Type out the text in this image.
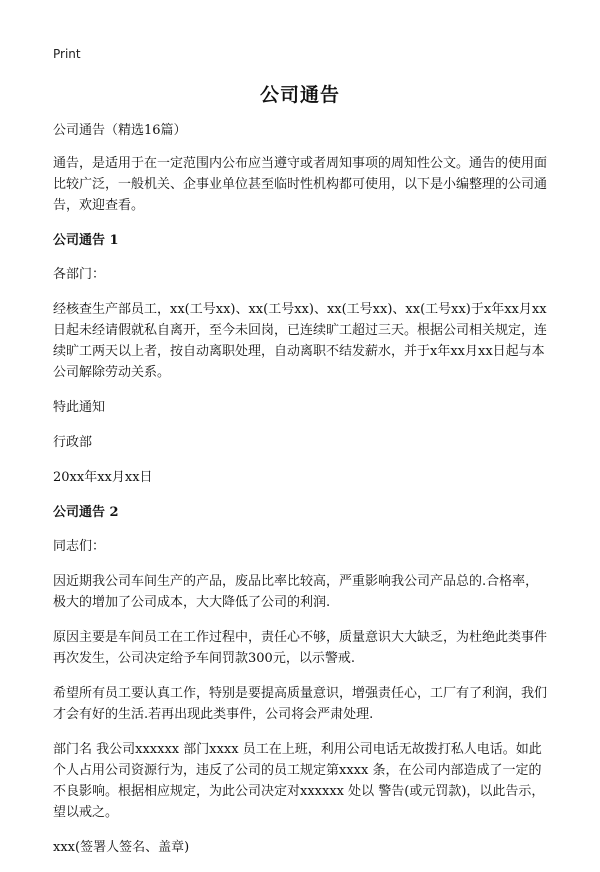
Print
公司通告

公司通告（精选16篇）

通告，是适用于在一定范围内公布应当遵守或者周知事项的周知性公文。通告的使用面比较广泛，一般机关、企事业单位甚至临时性机构都可使用，以下是小编整理的公司通告，欢迎查看。

公司通告 1

各部门：

经核查生产部员工，xx(工号xx)、xx(工号xx)、xx(工号xx)、xx(工号xx)于x年xx月xx日起未经请假就私自离开，至今未回岗，已连续旷工超过三天。根据公司相关规定，连续旷工两天以上者，按自动离职处理，自动离职不结发薪水，并于x年xx月xx日起与本公司解除劳动关系。

特此通知

行政部

20xx年xx月xx日

公司通告 2

同志们：

因近期我公司车间生产的产品，废品比率比较高，严重影响我公司产品总的.合格率，极大的增加了公司成本，大大降低了公司的利润.

原因主要是车间员工在工作过程中，责任心不够，质量意识大大缺乏，为杜绝此类事件再次发生，公司决定给予车间罚款300元，以示警戒.

希望所有员工要认真工作，特别是要提高质量意识，增强责任心，工厂有了利润，我们才会有好的生活.若再出现此类事件，公司将会严肃处理.

部门名 我公司xxxxxx 部门xxxx 员工在上班，利用公司电话无故拨打私人电话。如此个人占用公司资源行为，违反了公司的员工规定第xxxx 条，在公司内部造成了一定的不良影响。根据相应规定，为此公司决定对xxxxxx 处以 警告(或元罚款)，以此告示，望以戒之。

xxx(签署人签名、盖章)
